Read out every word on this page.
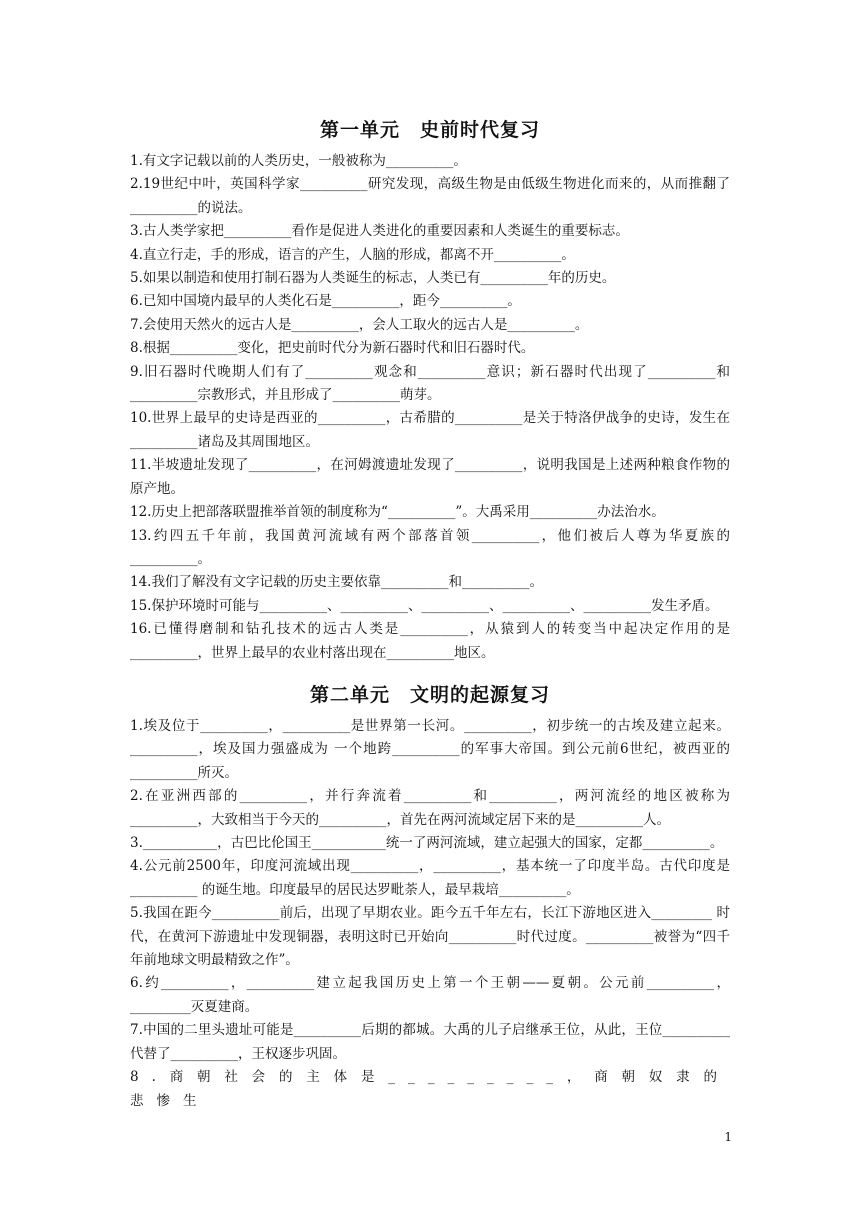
第一单元　史前时代复习

1.有文字记载以前的人类历史，一般被称为__________。

2.19世纪中叶，英国科学家__________研究发现，高级生物是由低级生物进化而来的，从而推翻了__________的说法。

3.古人类学家把__________看作是促进人类进化的重要因素和人类诞生的重要标志。

4.直立行走，手的形成，语言的产生，人脑的形成，都离不开__________。

5.如果以制造和使用打制石器为人类诞生的标志，人类已有__________年的历史。

6.已知中国境内最早的人类化石是__________，距今__________。

7.会使用天然火的远古人是__________，会人工取火的远古人是__________。

8.根据__________变化，把史前时代分为新石器时代和旧石器时代。

9.旧石器时代晚期人们有了__________观念和__________意识；新石器时代出现了__________和__________宗教形式，并且形成了__________萌芽。

10.世界上最早的史诗是西亚的__________，古希腊的__________是关于特洛伊战争的史诗，发生在__________诸岛及其周围地区。

11.半坡遗址发现了__________，在河姆渡遗址发现了__________，说明我国是上述两种粮食作物的原产地。

12.历史上把部落联盟推举首领的制度称为“__________”。大禹采用__________办法治水。

13.约四五千年前，我国黄河流域有两个部落首领__________，他们被后人尊为华夏族的__________。

14.我们了解没有文字记载的历史主要依靠__________和__________。

15.保护环境时可能与__________、__________、__________、__________、__________发生矛盾。

16.已懂得磨制和钻孔技术的远古人类是__________，从猿到人的转变当中起决定作用的是__________，世界上最早的农业村落出现在__________地区。

第二单元　文明的起源复习

1.埃及位于__________，__________是世界第一长河。__________，初步统一的古埃及建立起来。__________，埃及国力强盛成为 一个地跨__________的军事大帝国。到公元前6世纪，被西亚的__________所灭。

2.在亚洲西部的__________，并行奔流着__________和__________，两河流经的地区被称为__________，大致相当于今天的__________，首先在两河流域定居下来的是__________人。

3.___________，古巴比伦国王___________统一了两河流域，建立起强大的国家，定都__________。

4.公元前2500年，印度河流域出现__________，__________，基本统一了印度半岛。古代印度是__________ 的诞生地。印度最早的居民达罗毗荼人，最早栽培__________。

5.我国在距今__________前后，出现了早期农业。距今五千年左右，长江下游地区进入_________ 时代，在黄河下游遗址中发现铜器，表明这时已开始向__________时代过度。__________被誉为“四千年前地球文明最精致之作”。

6.约__________，__________建立起我国历史上第一个王朝——夏朝。公元前__________，_________灭夏建商。

7.中国的二里头遗址可能是__________后期的都城。大禹的儿子启继承王位，从此，王位__________代替了__________，王权逐步巩固。

8.商朝社会的主体是_________，商朝奴隶的悲惨生

1
